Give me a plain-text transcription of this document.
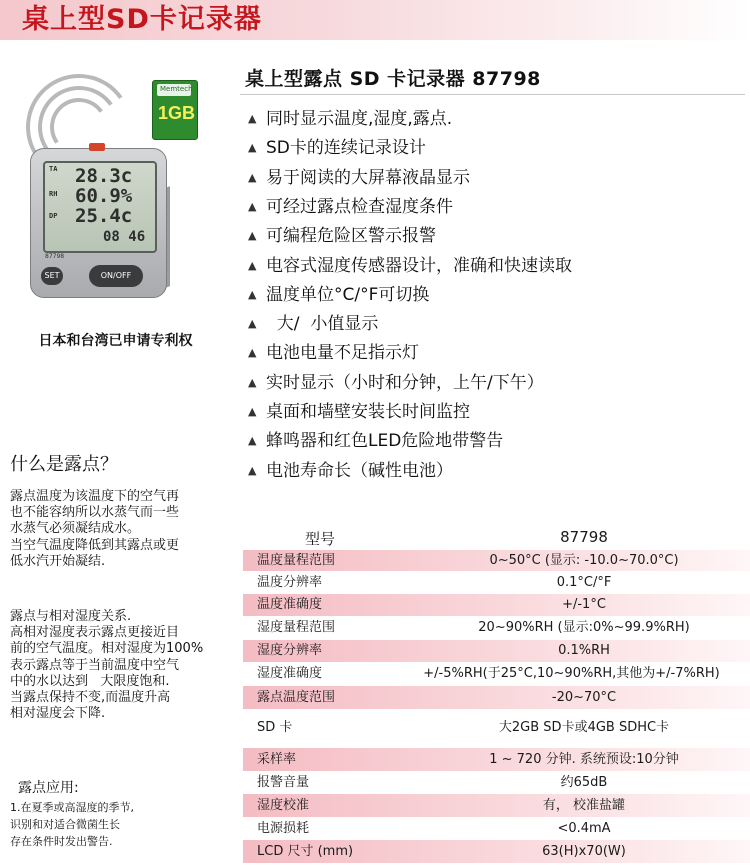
桌上型SD卡记录器
Memtech
1GB
TA 28.3c
RH 60.9%
DP 25.4c
08 46
87798
SET	ON/OFF
日本和台湾已申请专利权
桌上型露点 SD 卡记录器 87798
▲ 同时显示温度,湿度,露点.
▲ SD卡的连续记录设计
▲ 易于阅读的大屏幕液晶显示
▲ 可经过露点检查湿度条件
▲ 可编程危险区警示报警
▲ 电容式湿度传感器设计，准确和快速读取
▲ 温度单位°C/°F可切换
▲  大/  小值显示
▲ 电池电量不足指示灯
▲ 实时显示（小时和分钟，上午/下午）
▲ 桌面和墙壁安装长时间监控
▲ 蜂鸣器和红色LED危险地带警告
▲ 电池寿命长（碱性电池）
什么是露点？
露点温度为该温度下的空气再
也不能容纳所以水蒸气而一些
水蒸气必须凝结成水。
当空气温度降低到其露点或更
低水汽开始凝结.
露点与相对湿度关系.
高相对湿度表示露点更接近目
前的空气温度。相对湿度为100%
表示露点等于当前温度中空气
中的水以达到   大限度饱和.
当露点保持不变,而温度升高
相对湿度会下降.
露点应用:
1.在夏季或高湿度的季节,
识别和对适合微菌生长
存在条件时发出警告.
型号	87798
温度量程范围	0~50°C (显示: -10.0~70.0°C)
温度分辨率	0.1°C/°F
温度准确度	+/-1°C
湿度量程范围	20~90%RH (显示:0%~99.9%RH)
湿度分辨率	0.1%RH
湿度准确度	+/-5%RH(于25°C,10~90%RH,其他为+/-7%RH)
露点温度范围	-20~70°C
SD 卡	大2GB SD卡或4GB SDHC卡
采样率	1 ~ 720 分钟. 系统预设:10分钟
报警音量	约65dB
湿度校准	有， 校准盐罐
电源损耗	<0.4mA
LCD 尺寸 (mm)	63(H)x70(W)
